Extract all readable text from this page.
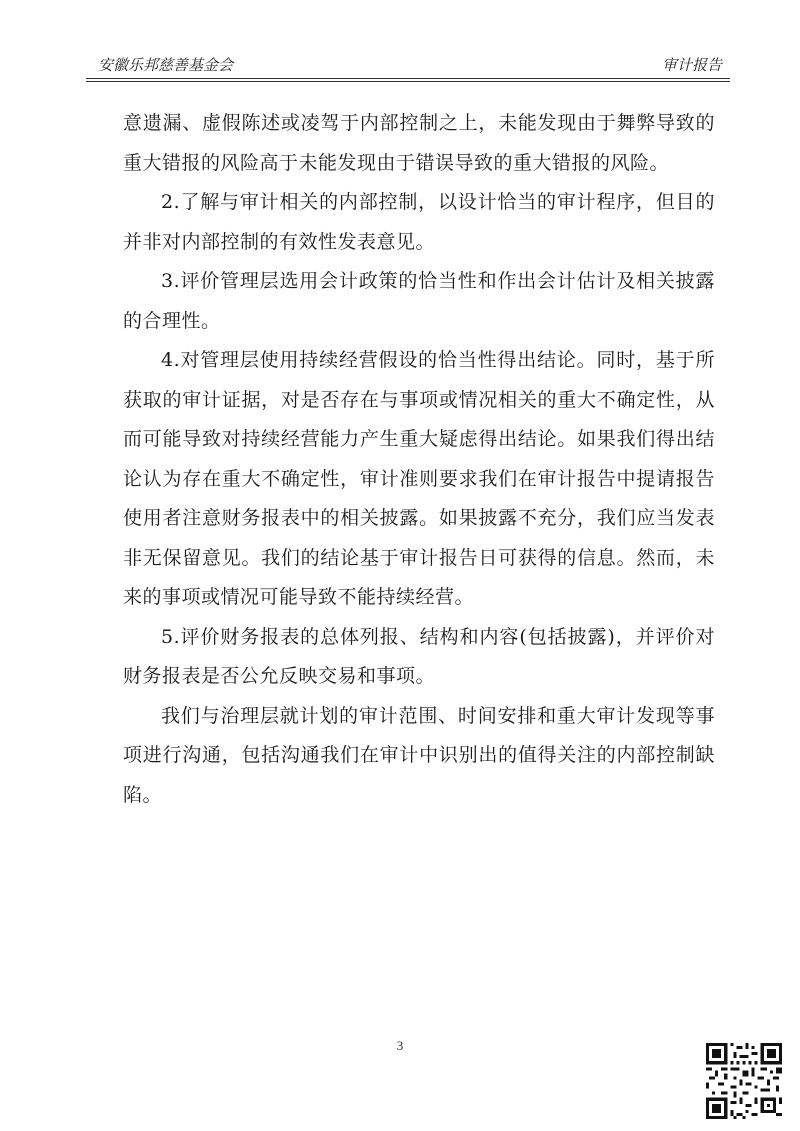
安徽乐邦慈善基金会	审计报告

意遗漏、虚假陈述或凌驾于内部控制之上，未能发现由于舞弊导致的重大错报的风险高于未能发现由于错误导致的重大错报的风险。

2.了解与审计相关的内部控制，以设计恰当的审计程序，但目的并非对内部控制的有效性发表意见。

3.评价管理层选用会计政策的恰当性和作出会计估计及相关披露的合理性。

4.对管理层使用持续经营假设的恰当性得出结论。同时，基于所获取的审计证据，对是否存在与事项或情况相关的重大不确定性，从而可能导致对持续经营能力产生重大疑虑得出结论。如果我们得出结论认为存在重大不确定性，审计准则要求我们在审计报告中提请报告使用者注意财务报表中的相关披露。如果披露不充分，我们应当发表非无保留意见。我们的结论基于审计报告日可获得的信息。然而，未来的事项或情况可能导致不能持续经营。

5.评价财务报表的总体列报、结构和内容(包括披露)，并评价对财务报表是否公允反映交易和事项。

我们与治理层就计划的审计范围、时间安排和重大审计发现等事项进行沟通，包括沟通我们在审计中识别出的值得关注的内部控制缺陷。

3
